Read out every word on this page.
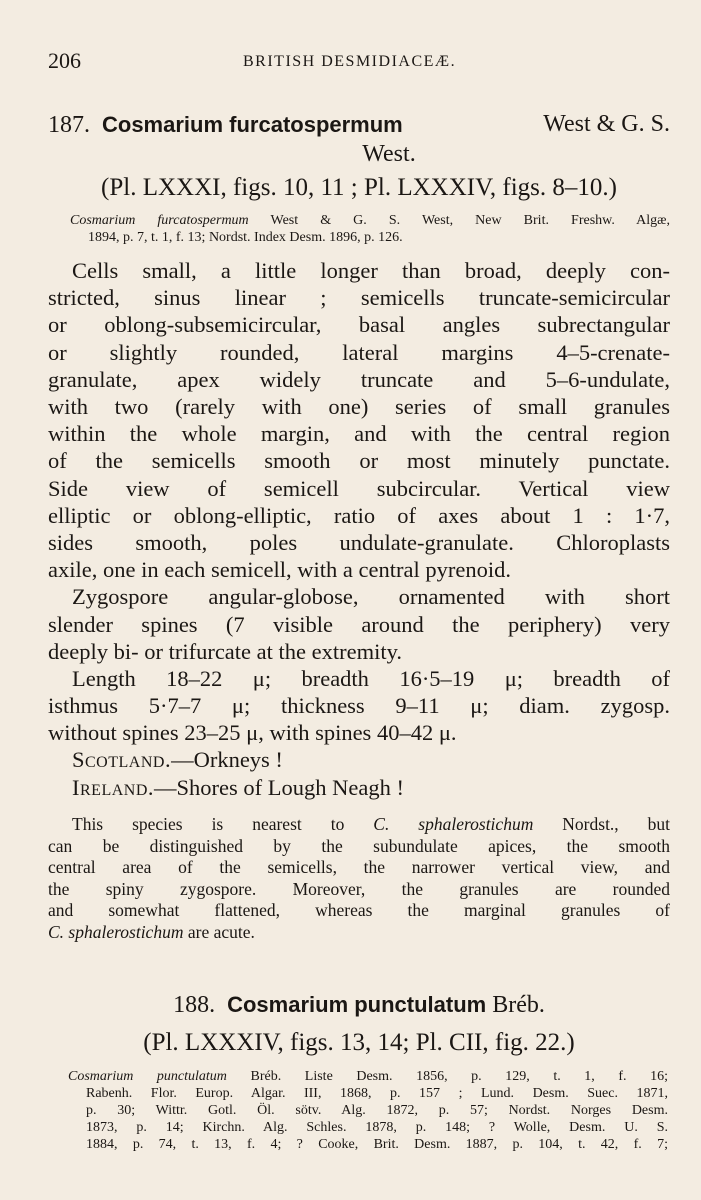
206	BRITISH DESMIDIACEÆ.
187. Cosmarium furcatospermum	West & G. S.
West.
(Pl. LXXXI, figs. 10, 11 ; Pl. LXXXIV, figs. 8–10.)
Cosmarium furcatospermum West & G. S. West, New Brit. Freshw. Algæ,
1894, p. 7, t. 1, f. 13; Nordst. Index Desm. 1896, p. 126.
Cells small, a little longer than broad, deeply con-
stricted, sinus linear ; semicells truncate-semicircular
or oblong-subsemicircular, basal angles subrectangular
or slightly rounded, lateral margins 4–5-crenate-
granulate, apex widely truncate and 5–6-undulate,
with two (rarely with one) series of small granules
within the whole margin, and with the central region
of the semicells smooth or most minutely punctate.
Side view of semicell subcircular. Vertical view
elliptic or oblong-elliptic, ratio of axes about 1 : 1·7,
sides smooth, poles undulate-granulate. Chloroplasts
axile, one in each semicell, with a central pyrenoid.
Zygospore angular-globose, ornamented with short
slender spines (7 visible around the periphery) very
deeply bi- or trifurcate at the extremity.
Length 18–22 μ; breadth 16·5–19 μ; breadth of
isthmus 5·7–7 μ; thickness 9–11 μ; diam. zygosp.
without spines 23–25 μ, with spines 40–42 μ.
Scotland.—Orkneys !
Ireland.—Shores of Lough Neagh !
This species is nearest to C. sphalerostichum Nordst., but
can be distinguished by the subundulate apices, the smooth
central area of the semicells, the narrower vertical view, and
the spiny zygospore. Moreover, the granules are rounded
and somewhat flattened, whereas the marginal granules of
C. sphalerostichum are acute.
188. Cosmarium punctulatum Bréb.
(Pl. LXXXIV, figs. 13, 14; Pl. CII, fig. 22.)
Cosmarium punctulatum Bréb. Liste Desm. 1856, p. 129, t. 1, f. 16;
Rabenh. Flor. Europ. Algar. III, 1868, p. 157 ; Lund. Desm. Suec. 1871,
p. 30; Wittr. Gotl. Öl. sötv. Alg. 1872, p. 57; Nordst. Norges Desm.
1873, p. 14; Kirchn. Alg. Schles. 1878, p. 148; ? Wolle, Desm. U. S.
1884, p. 74, t. 13, f. 4; ? Cooke, Brit. Desm. 1887, p. 104, t. 42, f. 7;
